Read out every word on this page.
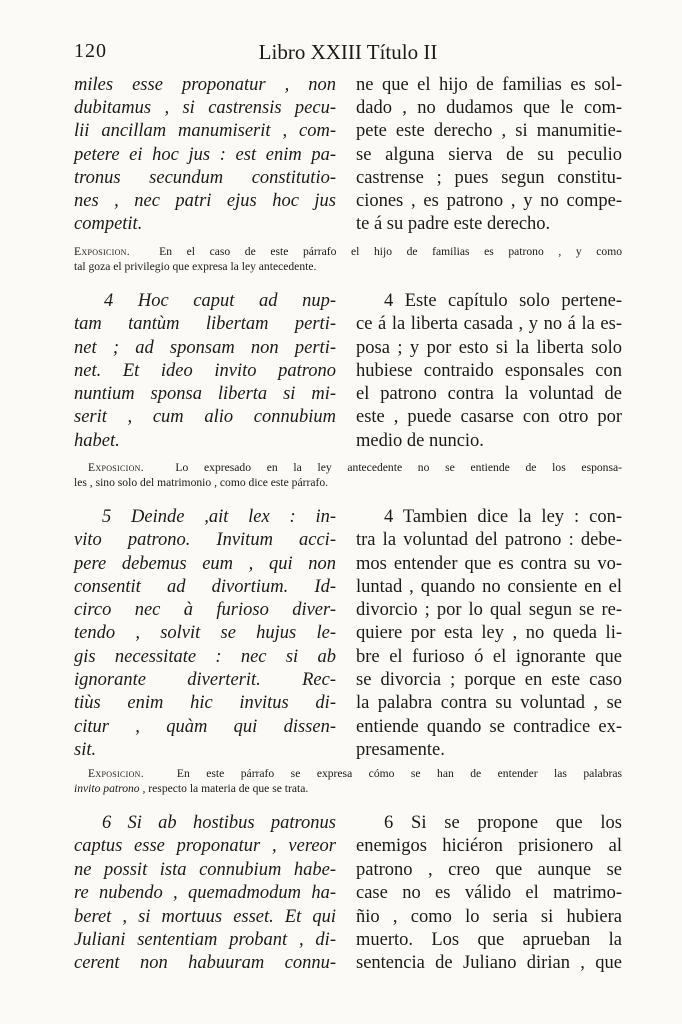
120	Libro XXIII Título II
miles esse proponatur , non
dubitamus , si castrensis pecu-
lii ancillam manumiserit , com-
petere ei hoc jus : est enim pa-
tronus secundum constitutio-
nes , nec patri ejus hoc jus
competit.
ne que el hijo de familias es sol-
dado , no dudamos que le com-
pete este derecho , si manumitie-
se alguna sierva de su peculio
castrense ; pues segun constitu-
ciones , es patrono , y no compe-
te á su padre este derecho.
Exposicion.	En el caso de este párrafo el hijo de familias es patrono , y como
tal goza el privilegio que expresa la ley antecedente.
4 Hoc caput ad nup-
tam tantùm libertam perti-
net ; ad sponsam non perti-
net. Et ideo invito patrono
nuntium sponsa liberta si mi-
serit , cum alio connubium
habet.
4 Este capítulo solo pertene-
ce á la liberta casada , y no á la es-
posa ; y por esto si la liberta solo
hubiese contraido esponsales con
el patrono contra la voluntad de
este , puede casarse con otro por
medio de nuncio.
Exposicion.	Lo expresado en la ley antecedente no se entiende de los esponsa-
les , sino solo del matrimonio , como dice este párrafo.
5 Deinde ,ait lex : in-
vito patrono. Invitum acci-
pere debemus eum , qui non
consentit ad divortium. Id-
circo nec à furioso diver-
tendo , solvit se hujus le-
gis necessitate : nec si ab
ignorante diverterit. Rec-
tiùs enim hic invitus di-
citur , quàm qui dissen-
sit.
4 Tambien dice la ley : con-
tra la voluntad del patrono : debe-
mos entender que es contra su vo-
luntad , quando no consiente en el
divorcio ; por lo qual segun se re-
quiere por esta ley , no queda li-
bre el furioso ó el ignorante que
se divorcia ; porque en este caso
la palabra contra su voluntad , se
entiende quando se contradice ex-
presamente.
Exposicion.	En este párrafo se expresa cómo se han de entender las palabras
invito patrono , respecto la materia de que se trata.
6 Si ab hostibus patronus
captus esse proponatur , vereor
ne possit ista connubium habe-
re nubendo , quemadmodum ha-
beret , si mortuus esset. Et qui
Juliani sententiam probant , di-
cerent non habuuram connu-
6 Si se propone que los
enemigos hiciéron prisionero al
patrono , creo que aunque se
case no es válido el matrimo-
ñio , como lo seria si hubiera
muerto. Los que aprueban la
sentencia de Juliano dirian , que
